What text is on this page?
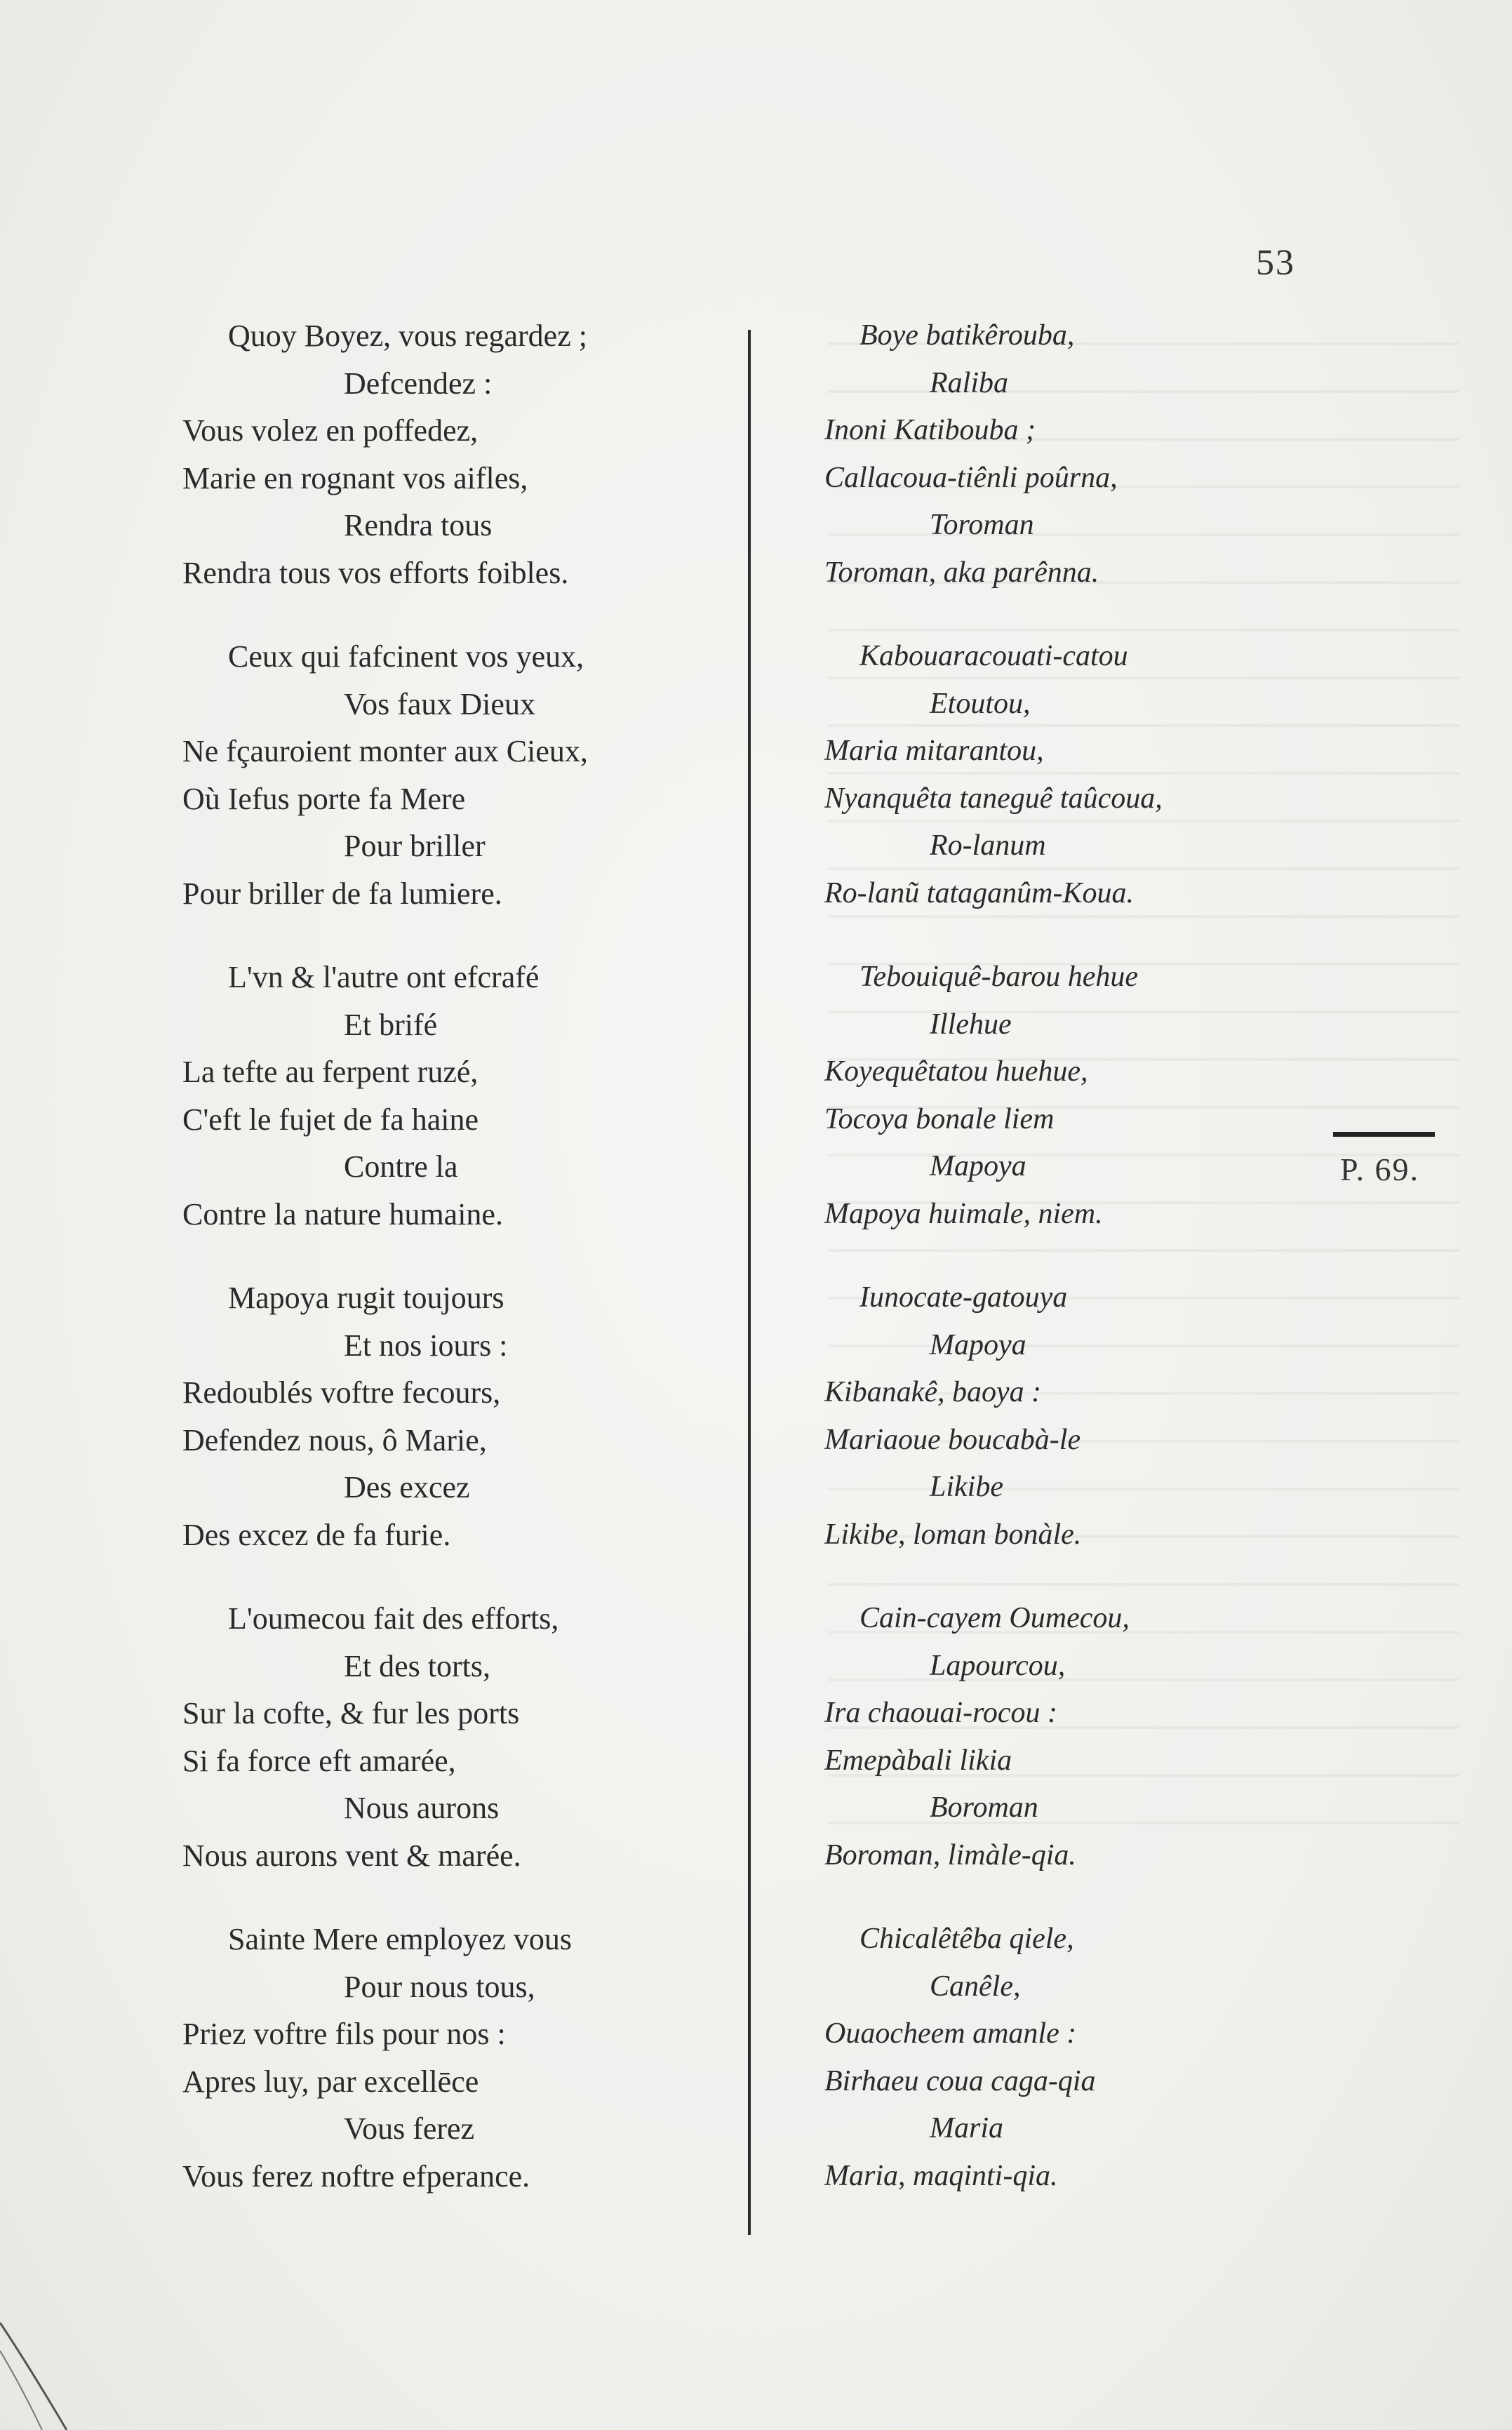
53
P. 69.
Quoy Boyez, vous regardez ;
Defcendez :
Vous volez en poffedez,
Marie en rognant vos aifles,
Rendra tous
Rendra tous vos efforts foibles.
Ceux qui fafcinent vos yeux,
Vos faux Dieux
Ne fçauroient monter aux Cieux,
Où Iefus porte fa Mere
Pour briller
Pour briller de fa lumiere.
L'vn & l'autre ont efcrafé
Et brifé
La tefte au ferpent ruzé,
C'eft le fujet de fa haine
Contre la
Contre la nature humaine.
Mapoya rugit toujours
Et nos iours :
Redoublés voftre fecours,
Defendez nous, ô Marie,
Des excez
Des excez de fa furie.
L'oumecou fait des efforts,
Et des torts,
Sur la cofte, & fur les ports
Si fa force eft amarée,
Nous aurons
Nous aurons vent & marée.
Sainte Mere employez vous
Pour nous tous,
Priez voftre fils pour nos :
Apres luy, par excellēce
Vous ferez
Vous ferez noftre efperance.
Boye batikêrouba,
Raliba
Inoni Katibouba ;
Callacoua-tiênli poûrna,
Toroman
Toroman, aka parênna.
Kabouaracouati-catou
Etoutou,
Maria mitarantou,
Nyanquêta taneguê taûcoua,
Ro-lanum
Ro-lanũ tataganûm-Koua.
Tebouiquê-barou hehue
Illehue
Koyequêtatou huehue,
Tocoya bonale liem
Mapoya
Mapoya huimale, niem.
Iunocate-gatouya
Mapoya
Kibanakê, baoya :
Mariaoue boucabà-le
Likibe
Likibe, loman bonàle.
Cain-cayem Oumecou,
Lapourcou,
Ira chaouai-rocou :
Emepàbali likia
Boroman
Boroman, limàle-qia.
Chicalêtêba qiele,
Canêle,
Ouaocheem amanle :
Birhaeu coua caga-qia
Maria
Maria, maqinti-qia.
